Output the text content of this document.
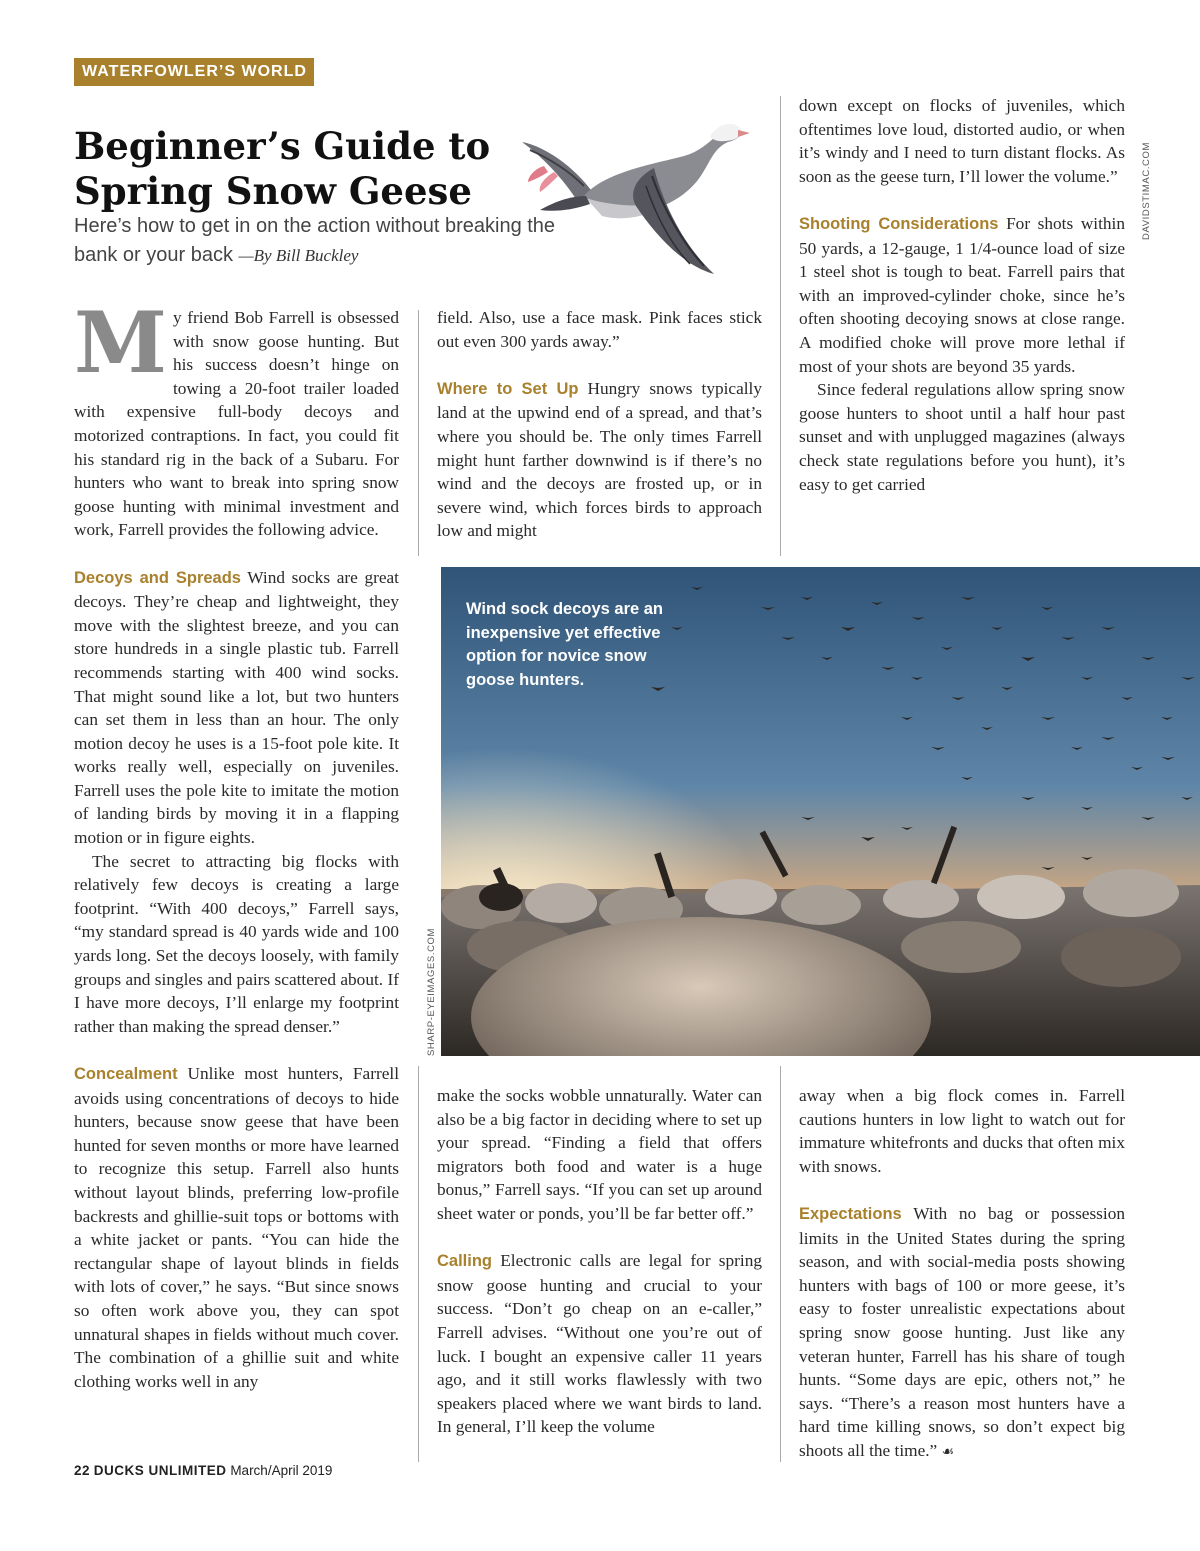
WATERFOWLER’S WORLD
Beginner’s Guide to
Spring Snow Geese
Here’s how to get in on the action without breaking the bank or your back —By Bill Buckley
DAVIDSTIMAC.COM

My friend Bob Farrell is obsessed with snow goose hunting. But his success doesn’t hinge on towing a 20-foot trailer loaded with expensive full-body decoys and motorized contraptions. In fact, you could fit his standard rig in the back of a Subaru. For hunters who want to break into spring snow goose hunting with minimal investment and work, Farrell provides the following advice.

Decoys and Spreads Wind socks are great decoys. They’re cheap and lightweight, they move with the slightest breeze, and you can store hundreds in a single plastic tub. Farrell recommends starting with 400 wind socks. That might sound like a lot, but two hunters can set them in less than an hour. The only motion decoy he uses is a 15-foot pole kite. It works really well, especially on juveniles. Farrell uses the pole kite to imitate the motion of landing birds by moving it in a flapping motion or in figure eights.

The secret to attracting big flocks with relatively few decoys is creating a large footprint. “With 400 decoys,” Farrell says, “my standard spread is 40 yards wide and 100 yards long. Set the decoys loosely, with family groups and singles and pairs scattered about. If I have more decoys, I’ll enlarge my footprint rather than making the spread denser.”

Concealment Unlike most hunters, Farrell avoids using concentrations of decoys to hide hunters, because snow geese that have been hunted for seven months or more have learned to recognize this setup. Farrell also hunts without layout blinds, preferring low-profile backrests and ghillie-suit tops or bottoms with a white jacket or pants. “You can hide the rectangular shape of layout blinds in fields with lots of cover,” he says. “But since snows so often work above you, they can spot unnatural shapes in fields without much cover. The combination of a ghillie suit and white clothing works well in any

field. Also, use a face mask. Pink faces stick out even 300 yards away.”

Where to Set Up Hungry snows typically land at the upwind end of a spread, and that’s where you should be. The only times Farrell might hunt farther downwind is if there’s no wind and the decoys are frosted up, or in severe wind, which forces birds to approach low and might

down except on flocks of juveniles, which oftentimes love loud, distorted audio, or when it’s windy and I need to turn distant flocks. As soon as the geese turn, I’ll lower the volume.”

Shooting Considerations For shots within 50 yards, a 12-gauge, 1 1/4-ounce load of size 1 steel shot is tough to beat. Farrell pairs that with an improved-cylinder choke, since he’s often shooting decoying snows at close range. A modified choke will prove more lethal if most of your shots are beyond 35 yards.

Since federal regulations allow spring snow goose hunters to shoot until a half hour past sunset and with unplugged magazines (always check state regulations before you hunt), it’s easy to get carried

Wind sock decoys are an inexpensive yet effective option for novice snow goose hunters.
SHARP-EYEIMAGES.COM

make the socks wobble unnaturally. Water can also be a big factor in deciding where to set up your spread. “Finding a field that offers migrators both food and water is a huge bonus,” Farrell says. “If you can set up around sheet water or ponds, you’ll be far better off.”

Calling Electronic calls are legal for spring snow goose hunting and crucial to your success. “Don’t go cheap on an e-caller,” Farrell advises. “Without one you’re out of luck. I bought an expensive caller 11 years ago, and it still works flawlessly with two speakers placed where we want birds to land. In general, I’ll keep the volume

away when a big flock comes in. Farrell cautions hunters in low light to watch out for immature whitefronts and ducks that often mix with snows.

Expectations With no bag or possession limits in the United States during the spring season, and with social-media posts showing hunters with bags of 100 or more geese, it’s easy to foster unrealistic expectations about spring snow goose hunting. Just like any veteran hunter, Farrell has his share of tough hunts. “Some days are epic, others not,” he says. “There’s a reason most hunters have a hard time killing snows, so don’t expect big shoots all the time.” ☙

22 DUCKS UNLIMITED March/April 2019
